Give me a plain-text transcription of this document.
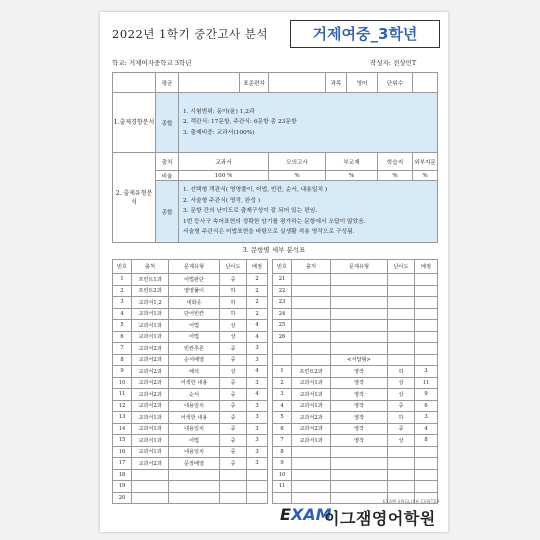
2022년 1학기 중간고사 분석	거제여중_3학년
학교: 거제여자중학교 3학년	작성자: 전상민T
	평균		표준편차		과목	영어	단위수	
1.출제경향분석	종합	1. 시험범위: 동아(윤) 1,2과
2. 객관식: 17문항, 주관식: 6문항 총 23문항
3. 출제비중: 교과서(100%)						

2. 출제유형분석	출처	교과서		모의고사	부교재		학습지	외부지문
	비율	100 %		%	%		%	%
	종합	1. 선택형 객관식( 영영풀이, 어법, 빈칸, 순서, 내용일치 )
2. 서술형 주관식( 영작, 완성 )
3. 문항 간의 난이도로 출제구성이 잘 되어 있는 편임.
1번 등사구 속어표현의 정확한 암기를 평가하는 문항에서 오답이 많았음.
서술형 주관식은 어법표현을 바탕으로 실생활 적용 영작으로 구성됨.						
3. 문항별 세부 분석표
번호	출처	문제유형	난이도	배점		번호	출처	문제유형	난이도	배점
1	프린트1과	어법판단	중	2		21				
2	프린트2과	영영풀이	하	2		22				
3	교과서1,2	대화응	하	2		23				
4	교과서1과	단어빈칸	하	2		24				
5	교과서1과	어법	상	4		25				
6	교과서1과	어법	상	4		26				
7	교과서2과	빈칸추론	중	3						
8	교과서2과	순서배열	중	3				<서답형>		
9	교과서2과	해석	상	4		1	프린트2과	영작	하	3
10	교과서2과	어색한 내용	중	3		2	교과서1과	영작	상	11
11	교과서2과	순서	중	4		3	교과서1과	영작	상	9
12	교과서2과	내용일치	중	3		4	교과서1과	영작	중	6
13	교과서1과	어색한 내용	중	3		5	교과서2과	영작	하	3
14	교과서1과	내용일치	중	3		6	교과서2과	영작	중	4
15	교과서1과	어법	중	3		7	교과서1과	영작	상	8
16	교과서1과	내용일치	중	3		8				
17	교과서2과	문장배열	중	3		9				
18						10				
19						11				
20										
EXAM ENGLISH CENTER
EXAM
이그잼영어학원
